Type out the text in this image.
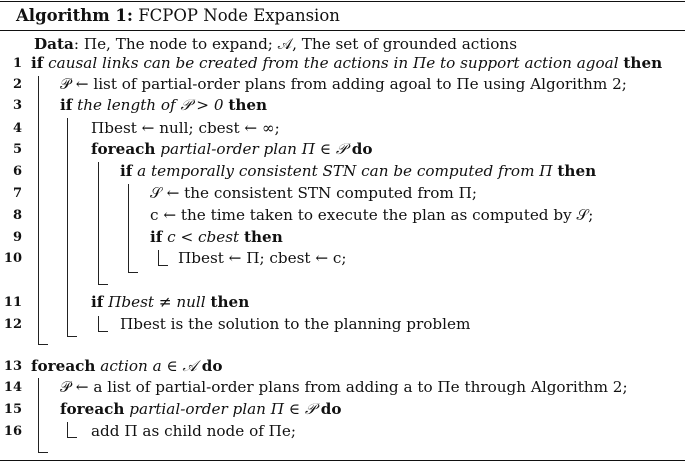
Algorithm 1: FCPOP Node Expansion
Data: Πe, The node to expand; 𝒜, The set of grounded actions
1 if causal links can be created from the actions in Πe to support action agoal then
2	𝒫 ← list of partial-order plans from adding agoal to Πe using Algorithm 2;
3	if the length of 𝒫 > 0 then
4	Πbest ← null; cbest ← ∞;
5	foreach partial-order plan Π ∈ 𝒫 do
6	if a temporally consistent STN can be computed from Π then
7	𝒮 ← the consistent STN computed from Π;
8	c ← the time taken to execute the plan as computed by 𝒮;
9	if c < cbest then
10	Πbest ← Π; cbest ← c;
11	if Πbest ≠ null then
12	Πbest is the solution to the planning problem
13 foreach action a ∈ 𝒜 do
14	𝒫 ← a list of partial-order plans from adding a to Πe through Algorithm 2;
15	foreach partial-order plan Π ∈ 𝒫 do
16	add Π as child node of Πe;
